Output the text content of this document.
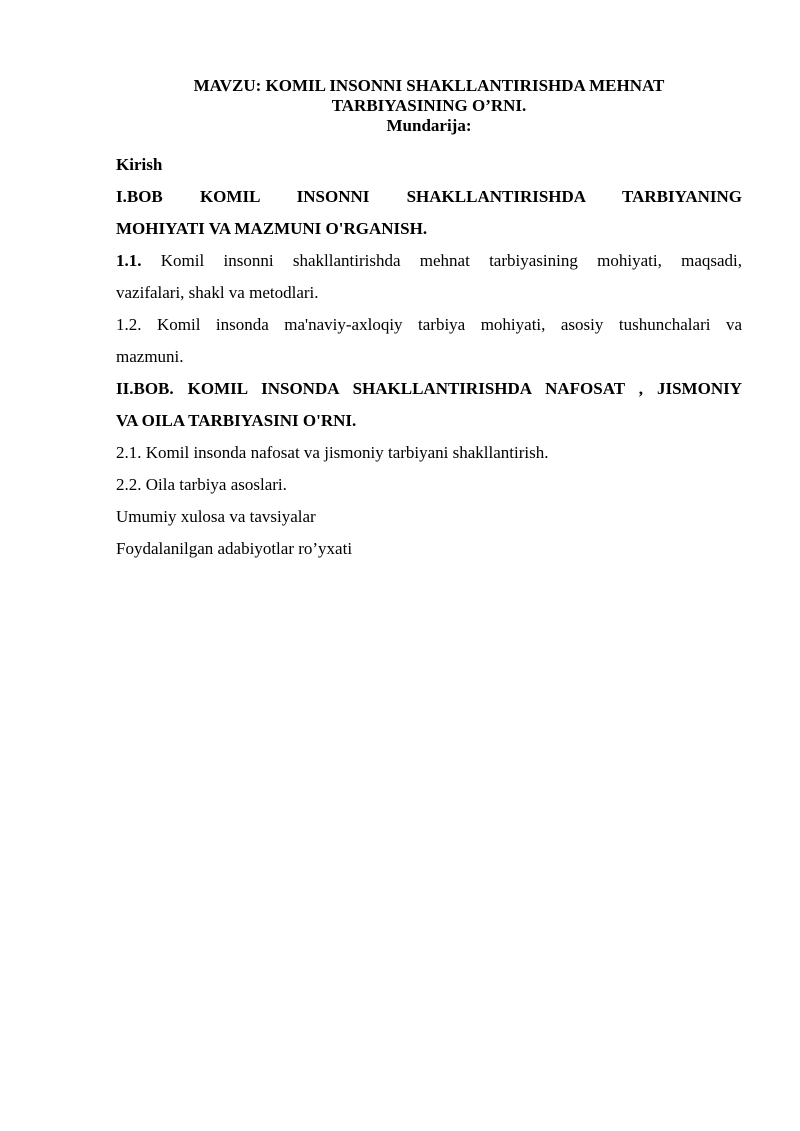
MAVZU: KOMIL INSONNI SHAKLLANTIRISHDA MEHNAT
TARBIYASINING O’RNI.
Mundarija:
Kirish
I.BOB KOMIL INSONNI SHAKLLANTIRISHDA TARBIYANING
MOHIYATI VA MAZMUNI O'RGANISH.
1.1. Komil insonni shakllantirishda mehnat tarbiyasining mohiyati, maqsadi,
vazifalari, shakl va metodlari.
1.2. Komil insonda ma'naviy-axloqiy tarbiya mohiyati, asosiy tushunchalari va
mazmuni.
II.BOB. KOMIL INSONDA SHAKLLANTIRISHDA NAFOSAT , JISMONIY
VA OILA TARBIYASINI O'RNI.
2.1. Komil insonda nafosat va jismoniy tarbiyani shakllantirish.
2.2. Oila tarbiya asoslari.
Umumiy xulosa va tavsiyalar
Foydalanilgan adabiyotlar ro’yxati
